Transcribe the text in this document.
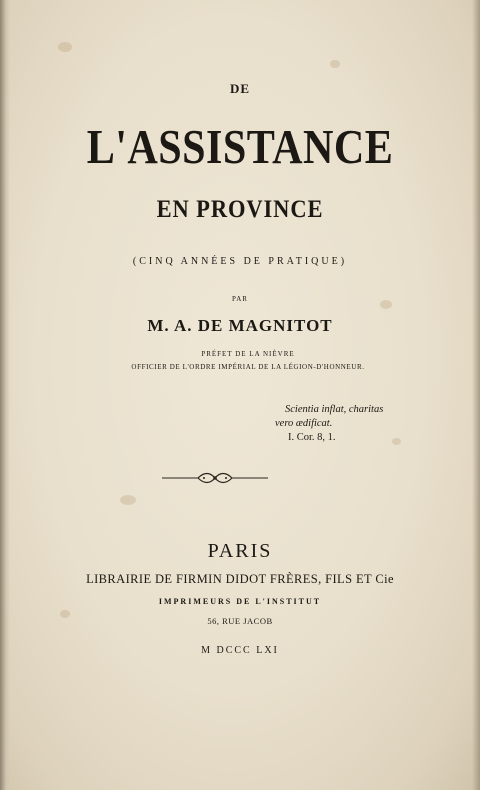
DE
L'ASSISTANCE
EN PROVINCE
(CINQ ANNÉES DE PRATIQUE)
PAR
M. A. DE MAGNITOT
PRÉFET DE LA NIÈVRE
OFFICIER DE L'ORDRE IMPÉRIAL DE LA LÉGION-D'HONNEUR.
Scientia inflat, charitas
vero ædificat.
I. Cor. 8, 1.
PARIS
LIBRAIRIE DE FIRMIN DIDOT FRÈRES, FILS ET Cie
IMPRIMEURS DE L'INSTITUT
56, RUE JACOB
M DCCC LXI
